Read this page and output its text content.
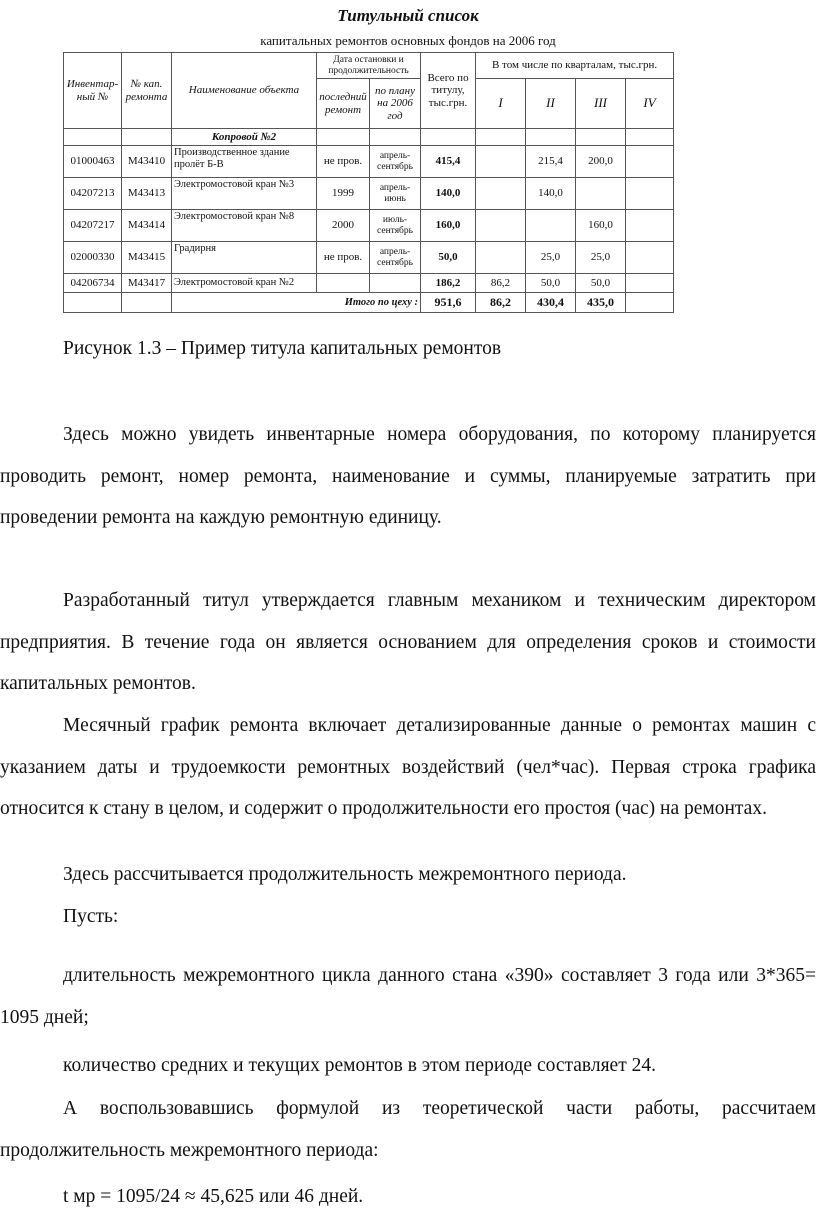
Титульный список
капитальных ремонтов основных фондов на 2006 год
Инвентар-ный №	№ кап. ремонта	Наименование объекта	Дата остановки и продолжительность		Всего по титулу, тыс.грн.	В том числе по кварталам, тыс.грн.			
			последний ремонт	по плану на 2006 год		I	II	III	IV
		Копровой №2							
01000463	М43410	Производственное здание пролёт Б-В	не пров.	апрель-сентябрь	415,4		215,4	200,0	
04207213	М43413	Электромостовой кран №3	1999	апрель-июнь	140,0		140,0		
04207217	М43414	Электромостовой кран №8	2000	июль-сентябрь	160,0			160,0	
02000330	М43415	Градирня	не пров.	апрель-сентябрь	50,0		25,0	25,0	
04206734	М43417	Электромостовой кран №2			186,2	86,2	50,0	50,0	
		Итого по цеху :			951,6	86,2	430,4	435,0	
Рисунок 1.3 – Пример титула капитальных ремонтов

Здесь можно увидеть инвентарные номера оборудования, по которому планируется проводить ремонт, номер ремонта, наименование и суммы, планируемые затратить при проведении ремонта на каждую ремонтную единицу.

Разработанный титул утверждается главным механиком и техническим директором предприятия. В течение года он является основанием для определения сроков и стоимости капитальных ремонтов.

Месячный график ремонта включает детализированные данные о ремонтах машин с указанием даты и трудоемкости ремонтных воздействий (чел*час). Первая строка графика относится к стану в целом, и содержит о продолжительности его простоя (час) на ремонтах.

Здесь рассчитывается продолжительность межремонтного периода.

Пусть:

длительность межремонтного цикла данного стана «390» составляет 3 года или 3*365= 1095 дней;

количество средних и текущих ремонтов в этом периоде составляет 24.

А воспользовавшись формулой из теоретической части работы, рассчитаем продолжительность межремонтного периода:

t мр = 1095/24 ≈ 45,625 или 46 дней.
